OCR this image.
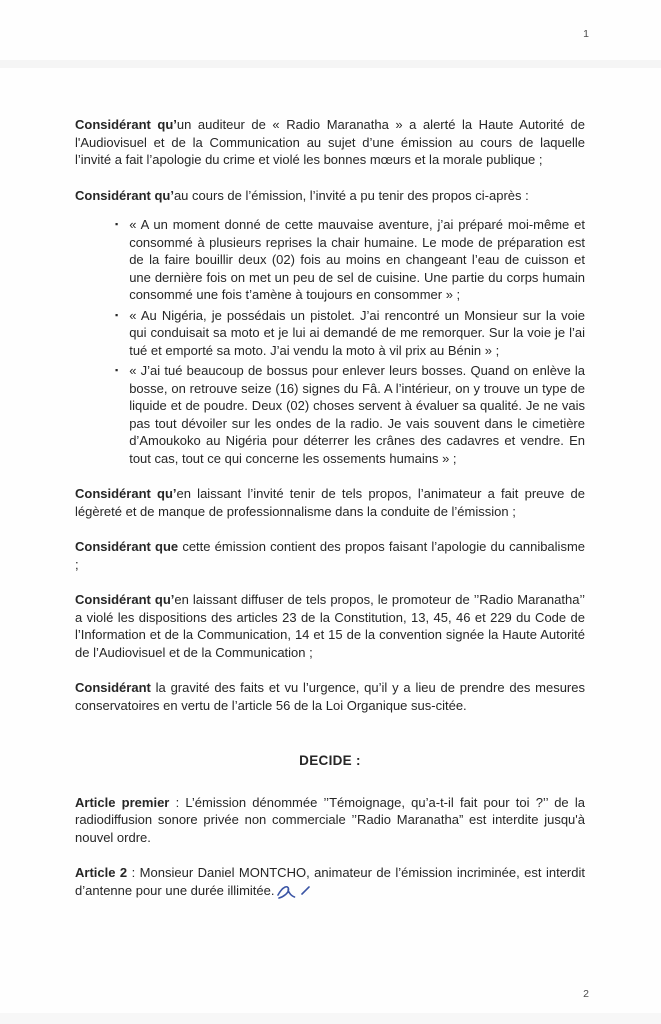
1

Considérant qu’un auditeur de « Radio Maranatha » a alerté la Haute Autorité de l'Audiovisuel et de la Communication au sujet d’une émission au cours de laquelle l’invité a fait l’apologie du crime et violé les bonnes mœurs et la morale publique ;

Considérant qu’au cours de l’émission, l’invité a pu tenir des propos ci-après :

▪ « A un moment donné de cette mauvaise aventure, j’ai préparé moi-même et consommé à plusieurs reprises la chair humaine. Le mode de préparation est de la faire bouillir deux (02) fois au moins en changeant l’eau de cuisson et une dernière fois on met un peu de sel de cuisine. Une partie du corps humain consommé une fois t’amène à toujours en consommer » ;
▪ « Au Nigéria, je possédais un pistolet. J’ai rencontré un Monsieur sur la voie qui conduisait sa moto et je lui ai demandé de me remorquer. Sur la voie je l’ai tué et emporté sa moto. J’ai vendu la moto à vil prix au Bénin » ;
▪ « J’ai tué beaucoup de bossus pour enlever leurs bosses. Quand on enlève la bosse, on retrouve seize (16) signes du Fâ. A l’intérieur, on y trouve un type de liquide et de poudre. Deux (02) choses servent à évaluer sa qualité. Je ne vais pas tout dévoiler sur les ondes de la radio. Je vais souvent dans le cimetière d’Amoukoko au Nigéria pour déterrer les crânes des cadavres et vendre. En tout cas, tout ce qui concerne les ossements humains » ;

Considérant qu’en laissant l’invité tenir de tels propos, l’animateur a fait preuve de légèreté et de manque de professionnalisme dans la conduite de l’émission ;

Considérant que cette émission contient des propos faisant l’apologie du cannibalisme ;

Considérant qu’en laissant diffuser de tels propos, le promoteur de ’’Radio Maranatha’’ a violé les dispositions des articles 23 de la Constitution, 13, 45, 46 et 229 du Code de l’Information et de la Communication, 14 et 15 de la convention signée la Haute Autorité de l’Audiovisuel et de la Communication ;

Considérant la gravité des faits et vu l’urgence, qu’il y a lieu de prendre des mesures conservatoires en vertu de l’article 56 de la Loi Organique sus-citée.

DECIDE :

Article premier : L’émission dénommée ’’Témoignage, qu’a-t-il fait pour toi ?’’ de la radiodiffusion sonore privée non commerciale ’’Radio Maranatha” est interdite jusqu'à nouvel ordre.

Article 2 : Monsieur Daniel MONTCHO, animateur de l’émission incriminée, est interdit d’antenne pour une durée illimitée.

2
